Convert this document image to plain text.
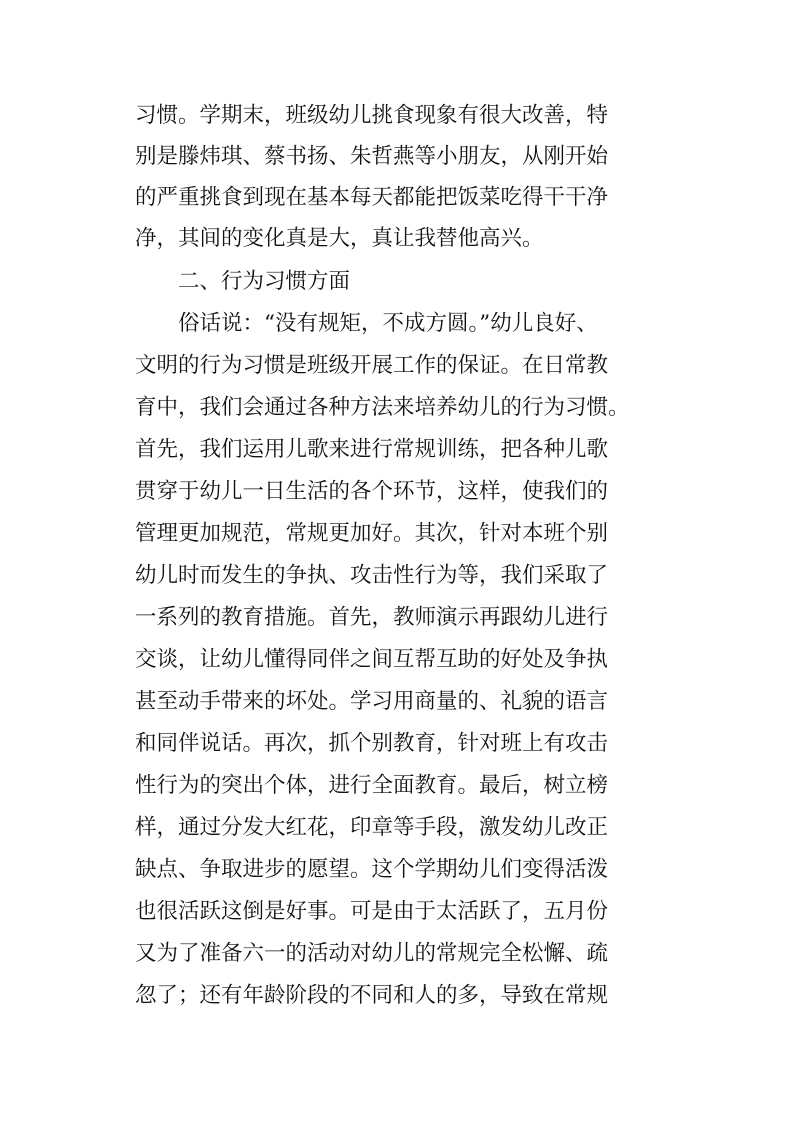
习惯。学期末，班级幼儿挑食现象有很大改善，特
别是滕炜琪、蔡书扬、朱哲燕等小朋友，从刚开始
的严重挑食到现在基本每天都能把饭菜吃得干干净
净，其间的变化真是大，真让我替他高兴。
二、行为习惯方面
俗话说：“没有规矩，不成方圆。”幼儿良好、
文明的行为习惯是班级开展工作的保证。在日常教
育中，我们会通过各种方法来培养幼儿的行为习惯。
首先，我们运用儿歌来进行常规训练，把各种儿歌
贯穿于幼儿一日生活的各个环节，这样，使我们的
管理更加规范，常规更加好。其次，针对本班个别
幼儿时而发生的争执、攻击性行为等，我们采取了
一系列的教育措施。首先，教师演示再跟幼儿进行
交谈，让幼儿懂得同伴之间互帮互助的好处及争执
甚至动手带来的坏处。学习用商量的、礼貌的语言
和同伴说话。再次，抓个别教育，针对班上有攻击
性行为的突出个体，进行全面教育。最后，树立榜
样，通过分发大红花，印章等手段，激发幼儿改正
缺点、争取进步的愿望。这个学期幼儿们变得活泼
也很活跃这倒是好事。可是由于太活跃了，五月份
又为了准备六一的活动对幼儿的常规完全松懈、疏
忽了；还有年龄阶段的不同和人的多，导致在常规
